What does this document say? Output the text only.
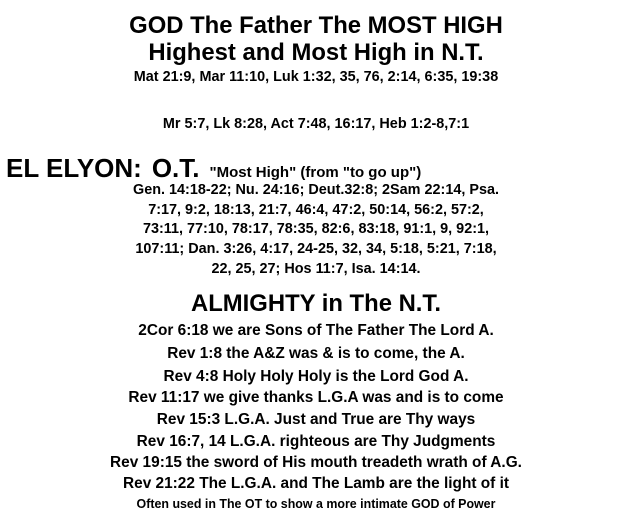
GOD The Father The MOST HIGH
Highest and Most High in N.T.
Mat 21:9, Mar 11:10, Luk 1:32, 35, 76, 2:14, 6:35, 19:38
Mr 5:7, Lk 8:28, Act 7:48, 16:17, Heb 1:2-8,7:1
EL ELYON: O.T. "Most High" (from "to go up")
Gen. 14:18-22; Nu. 24:16; Deut.32:8; 2Sam 22:14, Psa.
7:17, 9:2, 18:13, 21:7, 46:4, 47:2, 50:14, 56:2, 57:2,
73:11, 77:10, 78:17, 78:35, 82:6, 83:18, 91:1, 9, 92:1,
107:11; Dan. 3:26, 4:17, 24-25, 32, 34, 5:18, 5:21, 7:18,
22, 25, 27; Hos 11:7, Isa. 14:14.
ALMIGHTY in The N.T.
2Cor 6:18 we are Sons of The Father The Lord A.
Rev 1:8 the A&Z was & is to come, the A.
Rev 4:8 Holy Holy Holy is the Lord God A.
Rev 11:17 we give thanks L.G.A was and is to come
Rev 15:3 L.G.A. Just and True are Thy ways
Rev 16:7, 14 L.G.A. righteous are Thy Judgments
Rev 19:15 the sword of His mouth treadeth wrath of A.G.
Rev 21:22 The L.G.A. and The Lamb are the light of it
Often used in The OT to show a more intimate GOD of Power
